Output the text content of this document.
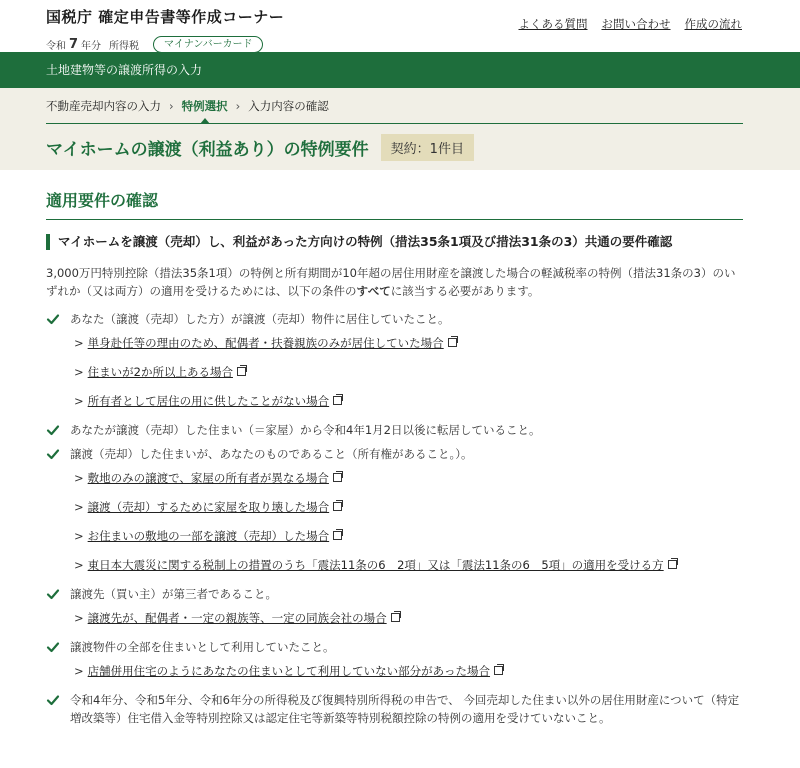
国税庁 確定申告書等作成コーナー
令和 7 年分 所得税	マイナンバーカード
よくある質問 お問い合わせ 作成の流れ
土地建物等の譲渡所得の入力
不動産売却内容の入力 › 特例選択 › 入力内容の確認
マイホームの譲渡（利益あり）の特例要件	契約：1件目
適用要件の確認
マイホームを譲渡（売却）し、利益があった方向けの特例（措法35条1項及び措法31条の3）共通の要件確認

3,000万円特別控除（措法35条1項）の特例と所有期間が10年超の居住用財産を譲渡した場合の軽減税率の特例（措法31条の3）のいずれか（又は両方）の適用を受けるためには、以下の条件のすべてに該当する必要があります。

あなた（譲渡（売却）した方）が譲渡（売却）物件に居住していたこと。
> 単身赴任等の理由のため、配偶者・扶養親族のみが居住していた場合
> 住まいが2か所以上ある場合
> 所有者として居住の用に供したことがない場合
あなたが譲渡（売却）した住まい（＝家屋）から令和4年1月2日以後に転居していること。
譲渡（売却）した住まいが、あなたのものであること（所有権があること。）。
> 敷地のみの譲渡で、家屋の所有者が異なる場合
> 譲渡（売却）するために家屋を取り壊した場合
> お住まいの敷地の一部を譲渡（売却）した場合
> 東日本大震災に関する税制上の措置のうち「震法11条の6　2項」又は「震法11条の6　5項」の適用を受ける方
譲渡先（買い主）が第三者であること。
> 譲渡先が、配偶者・一定の親族等、一定の同族会社の場合
譲渡物件の全部を住まいとして利用していたこと。
> 店舗併用住宅のようにあなたの住まいとして利用していない部分があった場合
令和4年分、令和5年分、令和6年分の所得税及び復興特別所得税の申告で、 今回売却した住まい以外の居住用財産について（特定増改築等）住宅借入金等特別控除又は認定住宅等新築等特別税額控除の特例の適用を受けていないこと。
